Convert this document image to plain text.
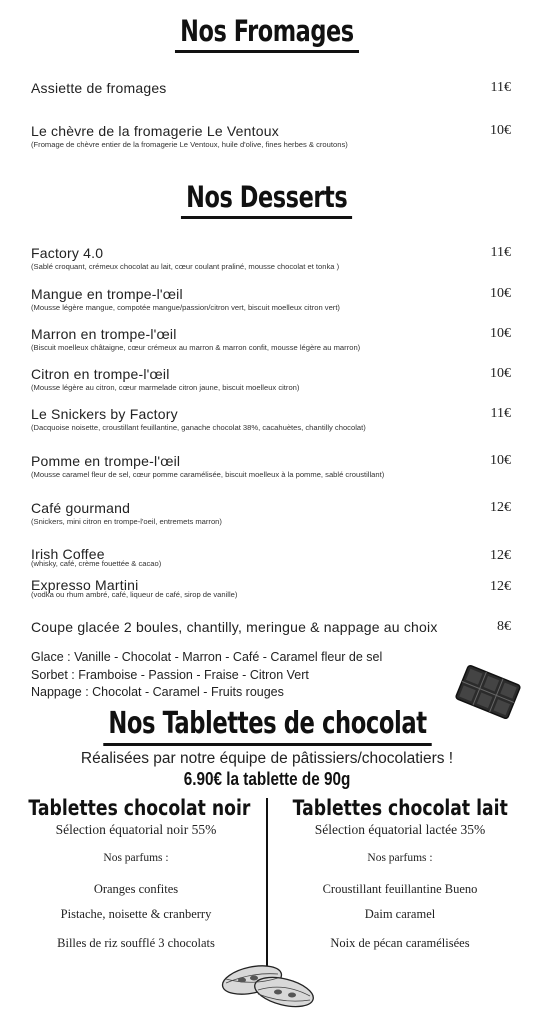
Nos Fromages
Assiette de fromages	11€
Le chèvre de la fromagerie Le Ventoux
(Fromage de chèvre entier de la fromagerie Le Ventoux, huile d'olive, fines herbes & croutons)
10€
Nos Desserts
Factory 4.0
(Sablé croquant, crémeux chocolat au lait, cœur coulant praliné, mousse chocolat et tonka )
11€
Mangue en trompe-l'œil
(Mousse légère mangue, compotée mangue/passion/citron vert, biscuit moelleux citron vert)
10€
Marron en trompe-l'œil
(Biscuit moelleux châtaigne, cœur crémeux au marron & marron confit, mousse légère au marron)
10€
Citron en trompe-l'œil
(Mousse légère au citron, cœur marmelade citron jaune, biscuit moelleux citron)
10€
Le Snickers by Factory
(Dacquoise noisette, croustillant feuillantine, ganache chocolat 38%, cacahuètes, chantilly chocolat)
11€
Pomme en trompe-l'œil
(Mousse caramel fleur de sel, cœur pomme caramélisée, biscuit moelleux à la pomme, sablé croustillant)
10€
Café gourmand
(Snickers, mini citron en trompe-l'oeil, entremets marron)
12€
Irish Coffee
(whisky, café, crème fouettée & cacao)
12€
Expresso Martini
(vodka ou rhum ambré, café, liqueur de café, sirop de vanille)
12€
Coupe glacée 2 boules, chantilly, meringue & nappage au choix	8€
Glace : Vanille - Chocolat - Marron - Café - Caramel fleur de sel
Sorbet : Framboise - Passion - Fraise - Citron Vert
Nappage : Chocolat - Caramel - Fruits rouges
Nos Tablettes de chocolat
Réalisées par notre équipe de pâtissiers/chocolatiers !
6.90€ la tablette de 90g
Tablettes chocolat noir
Sélection équatorial noir 55%
Nos parfums :
Oranges confites
Pistache, noisette & cranberry
Billes de riz soufflé 3 chocolats
Tablettes chocolat lait
Sélection équatorial lactée 35%
Nos parfums :
Croustillant feuillantine Bueno
Daim caramel
Noix de pécan caramélisées
